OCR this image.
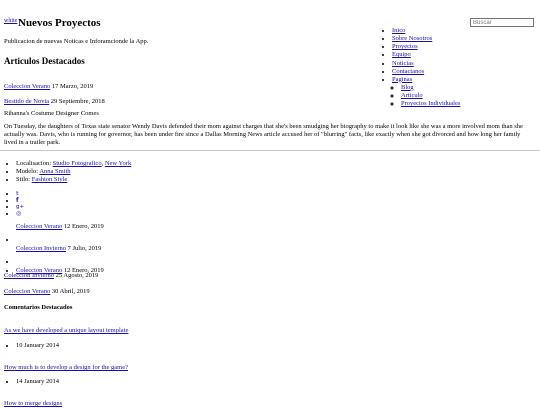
white Nuevos Proyectos
Publicacion de nuevas Noticas e Inforamcionde la App.
Buscar
• Inico
• Sobre Nosotros
• Proyectos
• Equipo
• Noticias
• Contactanos
• Paginas
◦ Blog
◦ Articulo
◦ Proyectos Individuales
Articulos Destacados
Coleccion Verano 17 Marzo, 2019
Bestido de Novia 29 Septiembre, 2018
Rihanna's Costume Designer Comes
On Tuesday, the daughters of Texas state senator Wendy Davis defended their mom against charges that she's been smudging her biography to make it look like she was a more involved mom than she actually was. Davis, who is running for governor, has been under fire since a Dallas Morning News article accused her of "blurring" facts, like exactly when she got divorced and how long her family lived in a trailer park.
• Localisacion: Studio Fotografico, New York
• Modelo: Anna Smith
• Stilo: Fashion Style
• 𝕥
• f
• g+
• ◎
Coleccion Verano 12 Enero, 2019
•
Coleccion Invierno 7 Julio, 2019
•
• Coleccion Verano 12 Enero, 2019
Coleccion Invierno 25 Agosto, 2019
Coleccion Verano 30 Abril, 2019
Comentarios Destacados
As we have developed a unique layout template
• 10 January 2014
How much is to develop a design for the game?
• 14 January 2014
How to merge designs
